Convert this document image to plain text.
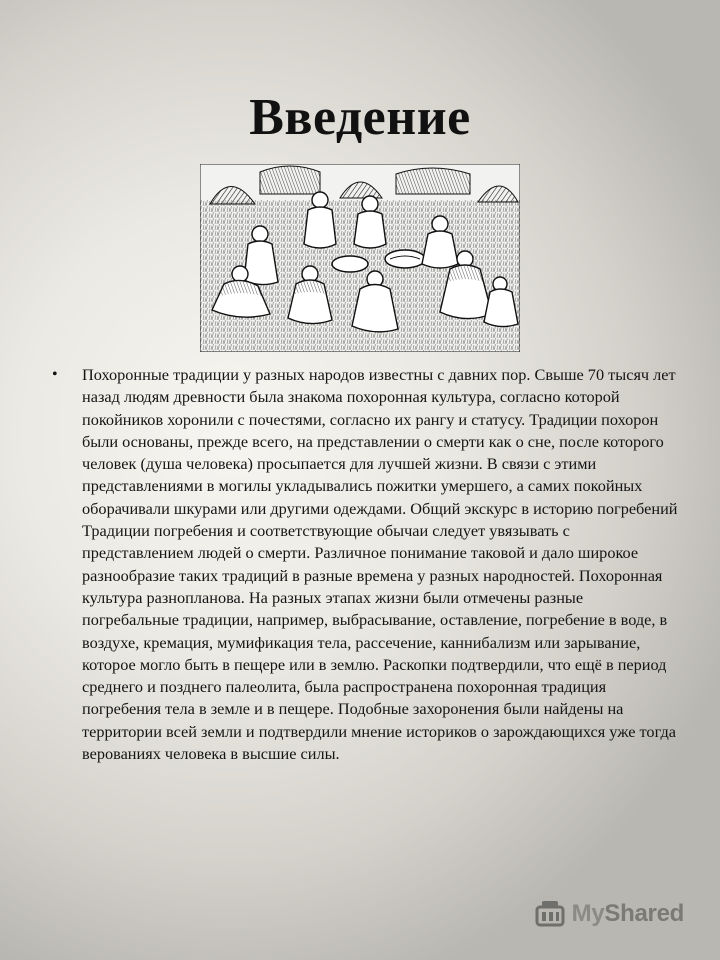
Введение
• Похоронные традиции у разных народов известны с давних пор. Свыше 70 тысяч лет назад людям древности была знакома похоронная культура, согласно которой покойников хоронили с почестями, согласно их рангу и статусу. Традиции похорон были основаны, прежде всего, на представлении о смерти как о сне, после которого человек (душа человека) просыпается для лучшей жизни. В связи с этими представлениями в могилы укладывались пожитки умершего, а самих покойных оборачивали шкурами или другими одеждами. Общий экскурс в историю погребений Традиции погребения и соответствующие обычаи следует увязывать с представлением людей о смерти. Различное понимание таковой и дало широкое разнообразие таких традиций в разные времена у разных народностей. Похоронная культура разнопланова. На разных этапах жизни были отмечены разные погребальные традиции, например, выбрасывание, оставление, погребение в воде, в воздухе, кремация, мумификация тела, рассечение, каннибализм или зарывание, которое могло быть в пещере или в землю. Раскопки подтвердили, что ещё в период среднего и позднего палеолита, была распространена похоронная традиция погребения тела в земле и в пещере. Подобные захоронения были найдены на территории всей земли и подтвердили мнение историков о зарождающихся уже тогда верованиях человека в высшие силы.
MyShared
